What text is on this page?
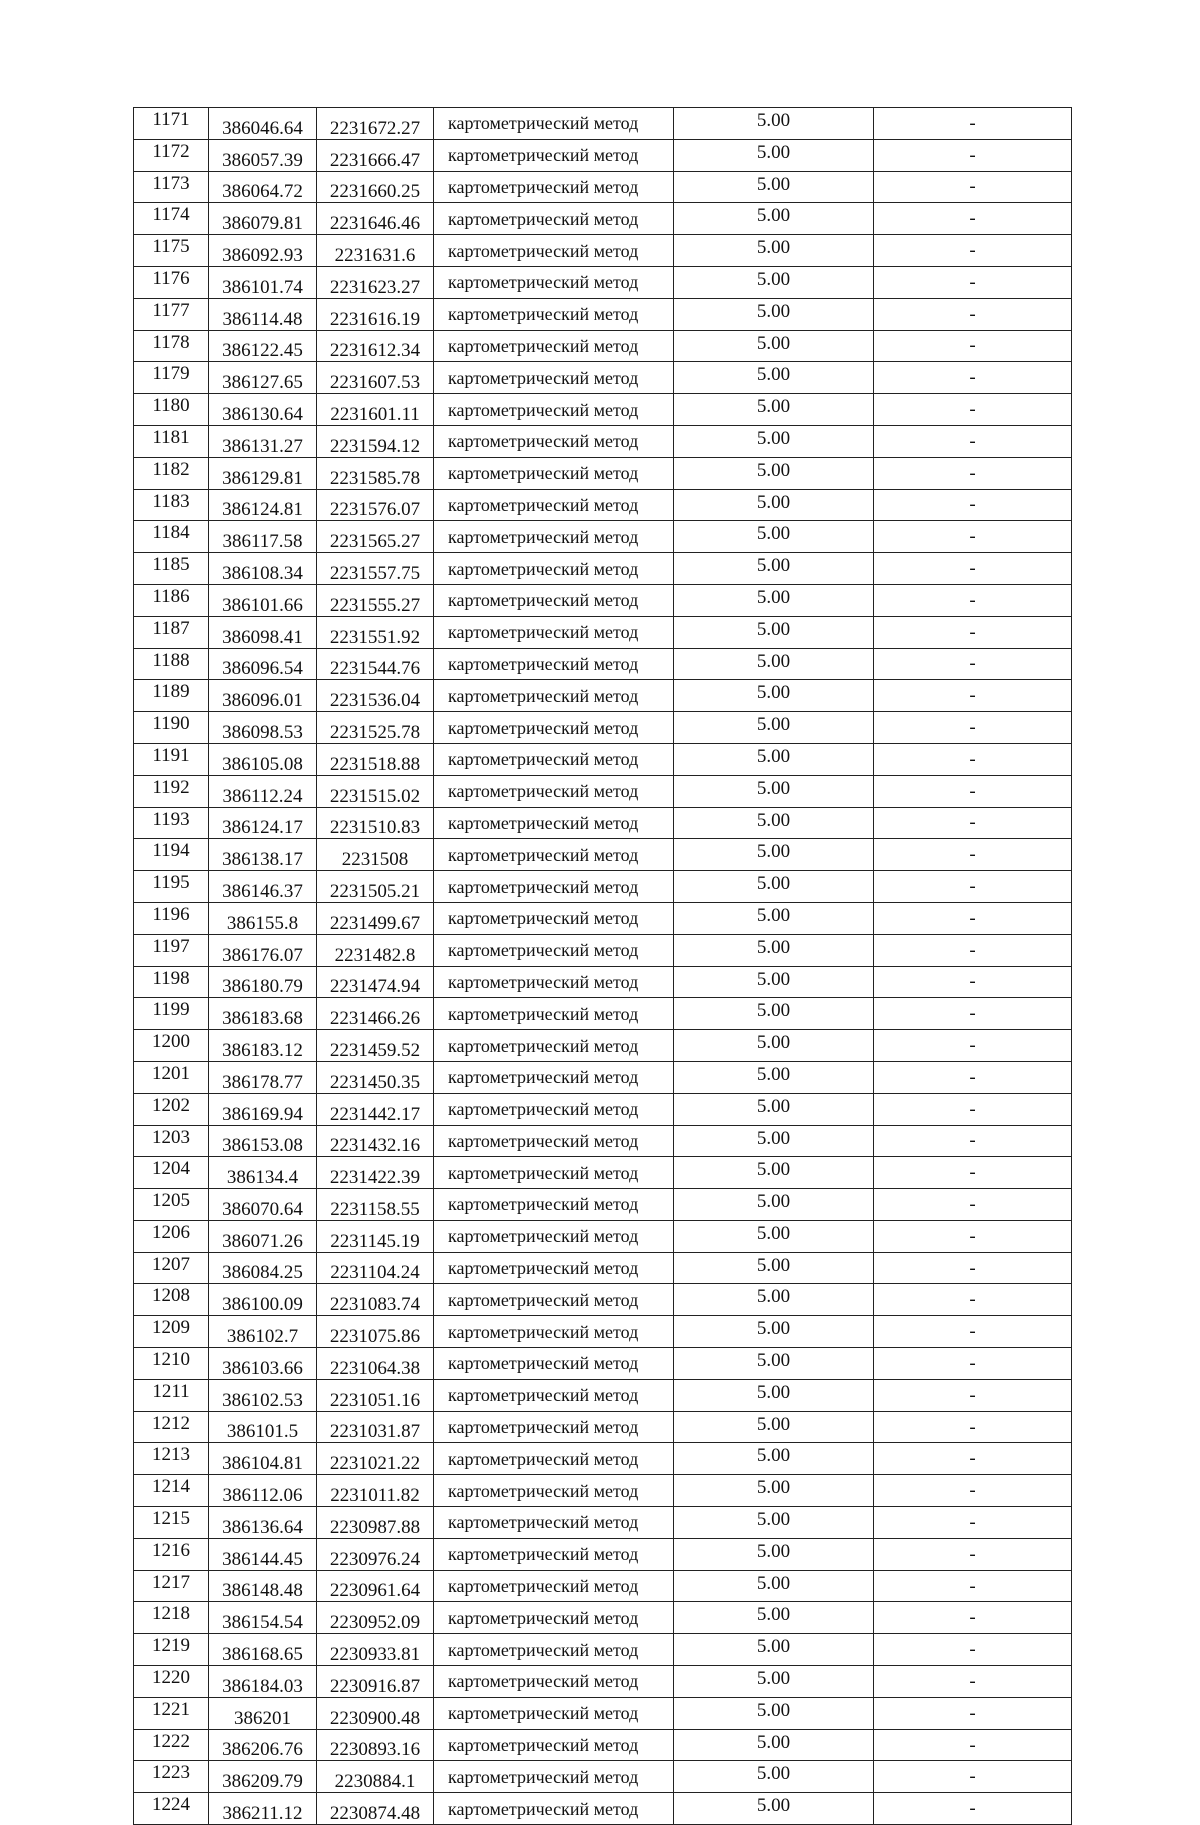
1171	386046.64	2231672.27	картометрический метод	5.00	-
1172	386057.39	2231666.47	картометрический метод	5.00	-
1173	386064.72	2231660.25	картометрический метод	5.00	-
1174	386079.81	2231646.46	картометрический метод	5.00	-
1175	386092.93	2231631.6	картометрический метод	5.00	-
1176	386101.74	2231623.27	картометрический метод	5.00	-
1177	386114.48	2231616.19	картометрический метод	5.00	-
1178	386122.45	2231612.34	картометрический метод	5.00	-
1179	386127.65	2231607.53	картометрический метод	5.00	-
1180	386130.64	2231601.11	картометрический метод	5.00	-
1181	386131.27	2231594.12	картометрический метод	5.00	-
1182	386129.81	2231585.78	картометрический метод	5.00	-
1183	386124.81	2231576.07	картометрический метод	5.00	-
1184	386117.58	2231565.27	картометрический метод	5.00	-
1185	386108.34	2231557.75	картометрический метод	5.00	-
1186	386101.66	2231555.27	картометрический метод	5.00	-
1187	386098.41	2231551.92	картометрический метод	5.00	-
1188	386096.54	2231544.76	картометрический метод	5.00	-
1189	386096.01	2231536.04	картометрический метод	5.00	-
1190	386098.53	2231525.78	картометрический метод	5.00	-
1191	386105.08	2231518.88	картометрический метод	5.00	-
1192	386112.24	2231515.02	картометрический метод	5.00	-
1193	386124.17	2231510.83	картометрический метод	5.00	-
1194	386138.17	2231508	картометрический метод	5.00	-
1195	386146.37	2231505.21	картометрический метод	5.00	-
1196	386155.8	2231499.67	картометрический метод	5.00	-
1197	386176.07	2231482.8	картометрический метод	5.00	-
1198	386180.79	2231474.94	картометрический метод	5.00	-
1199	386183.68	2231466.26	картометрический метод	5.00	-
1200	386183.12	2231459.52	картометрический метод	5.00	-
1201	386178.77	2231450.35	картометрический метод	5.00	-
1202	386169.94	2231442.17	картометрический метод	5.00	-
1203	386153.08	2231432.16	картометрический метод	5.00	-
1204	386134.4	2231422.39	картометрический метод	5.00	-
1205	386070.64	2231158.55	картометрический метод	5.00	-
1206	386071.26	2231145.19	картометрический метод	5.00	-
1207	386084.25	2231104.24	картометрический метод	5.00	-
1208	386100.09	2231083.74	картометрический метод	5.00	-
1209	386102.7	2231075.86	картометрический метод	5.00	-
1210	386103.66	2231064.38	картометрический метод	5.00	-
1211	386102.53	2231051.16	картометрический метод	5.00	-
1212	386101.5	2231031.87	картометрический метод	5.00	-
1213	386104.81	2231021.22	картометрический метод	5.00	-
1214	386112.06	2231011.82	картометрический метод	5.00	-
1215	386136.64	2230987.88	картометрический метод	5.00	-
1216	386144.45	2230976.24	картометрический метод	5.00	-
1217	386148.48	2230961.64	картометрический метод	5.00	-
1218	386154.54	2230952.09	картометрический метод	5.00	-
1219	386168.65	2230933.81	картометрический метод	5.00	-
1220	386184.03	2230916.87	картометрический метод	5.00	-
1221	386201	2230900.48	картометрический метод	5.00	-
1222	386206.76	2230893.16	картометрический метод	5.00	-
1223	386209.79	2230884.1	картометрический метод	5.00	-
1224	386211.12	2230874.48	картометрический метод	5.00	-
